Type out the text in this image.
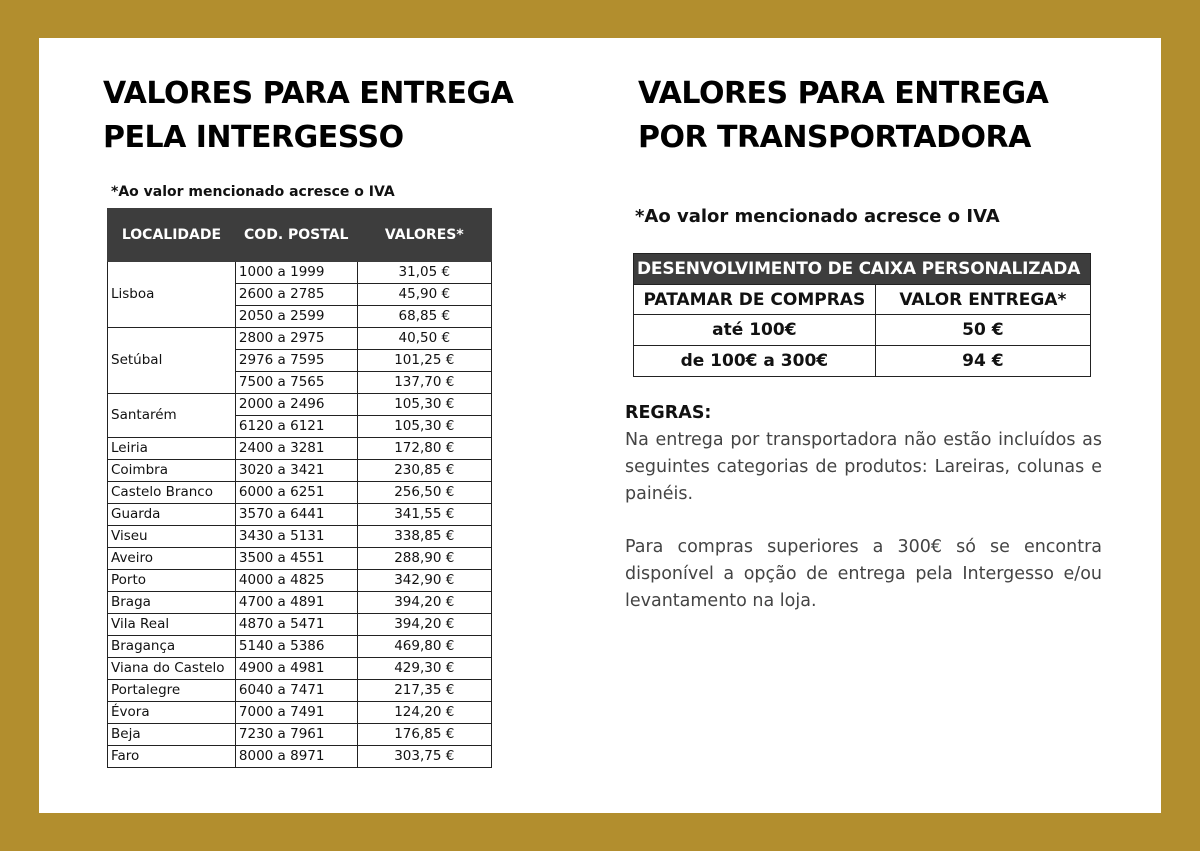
VALORES PARA ENTREGA
PELA INTERGESSO
VALORES PARA ENTREGA
POR TRANSPORTADORA
*Ao valor mencionado acresce o IVA
LOCALIDADE	COD. POSTAL	VALORES*
Lisboa	1000 a 1999	31,05 €
	2600 a 2785	45,90 €
	2050 a 2599	68,85 €
Setúbal	2800 a 2975	40,50 €
	2976 a 7595	101,25 €
	7500 a 7565	137,70 €
Santarém	2000 a 2496	105,30 €
	6120 a 6121	105,30 €
Leiria	2400 a 3281	172,80 €
Coimbra	3020 a 3421	230,85 €
Castelo Branco	6000 a 6251	256,50 €
Guarda	3570 a 6441	341,55 €
Viseu	3430 a 5131	338,85 €
Aveiro	3500 a 4551	288,90 €
Porto	4000 a 4825	342,90 €
Braga	4700 a 4891	394,20 €
Vila Real	4870 a 5471	394,20 €
Bragança	5140 a 5386	469,80 €
Viana do Castelo	4900 a 4981	429,30 €
Portalegre	6040 a 7471	217,35 €
Évora	7000 a 7491	124,20 €
Beja	7230 a 7961	176,85 €
Faro	8000 a 8971	303,75 €
*Ao valor mencionado acresce o IVA
DESENVOLVIMENTO DE CAIXA PERSONALIZADA	
PATAMAR DE COMPRAS	VALOR ENTREGA*
até 100€	50 €
de 100€ a 300€	94 €
REGRAS:

Na entrega por transportadora não estão incluídos as seguintes categorias de produtos: Lareiras, colunas e painéis.

Para compras superiores a 300€ só se encontra disponível a opção de entrega pela Intergesso e/ou levantamento na loja.
